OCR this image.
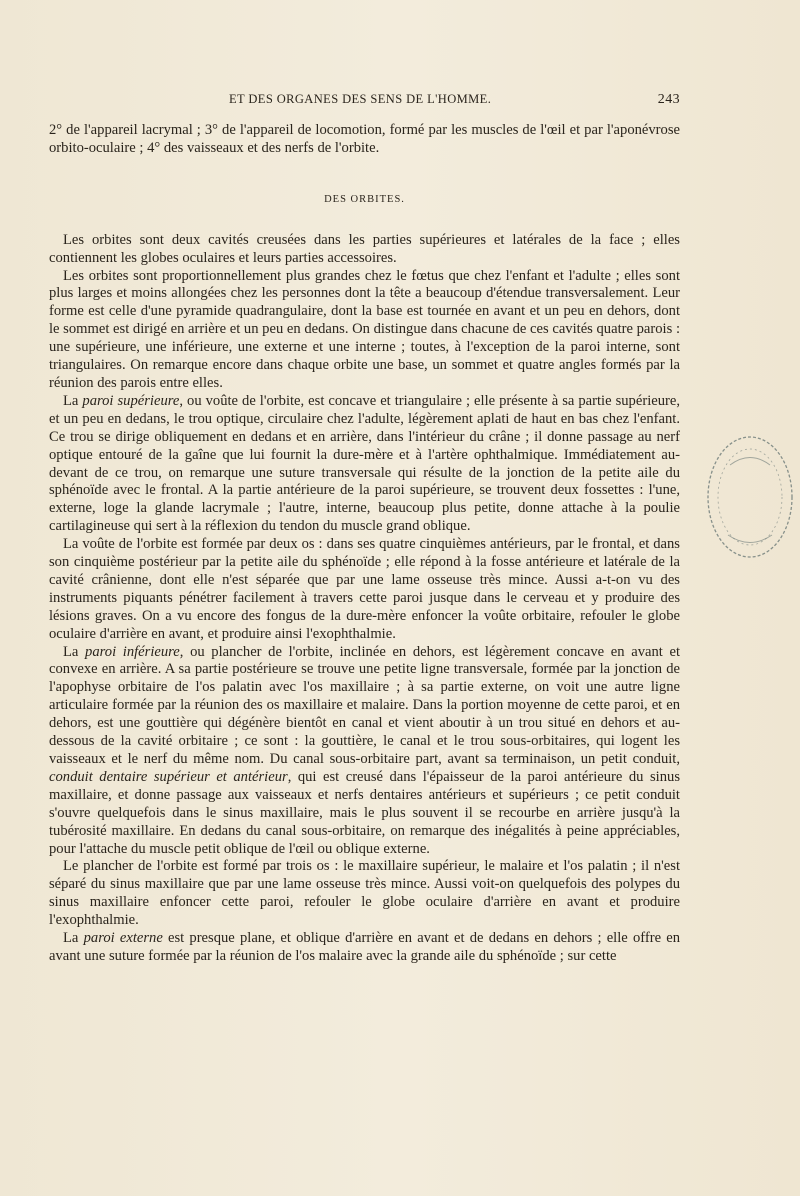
ET DES ORGANES DES SENS DE L'HOMME.	243

2° de l'appareil lacrymal ; 3° de l'appareil de locomotion, formé par les muscles de l'œil et par l'aponévrose orbito-oculaire ; 4° des vaisseaux et des nerfs de l'orbite.

DES ORBITES.

Les orbites sont deux cavités creusées dans les parties supérieures et latérales de la face ; elles contiennent les globes oculaires et leurs parties accessoires.

Les orbites sont proportionnellement plus grandes chez le fœtus que chez l'enfant et l'adulte ; elles sont plus larges et moins allongées chez les personnes dont la tête a beaucoup d'étendue transversalement. Leur forme est celle d'une pyramide quadrangulaire, dont la base est tournée en avant et un peu en dehors, dont le sommet est dirigé en arrière et un peu en dedans. On distingue dans chacune de ces cavités quatre parois : une supérieure, une inférieure, une externe et une interne ; toutes, à l'exception de la paroi interne, sont triangulaires. On remarque encore dans chaque orbite une base, un sommet et quatre angles formés par la réunion des parois entre elles.

La paroi supérieure, ou voûte de l'orbite, est concave et triangulaire ; elle présente à sa partie supérieure, et un peu en dedans, le trou optique, circulaire chez l'adulte, légèrement aplati de haut en bas chez l'enfant. Ce trou se dirige obliquement en dedans et en arrière, dans l'intérieur du crâne ; il donne passage au nerf optique entouré de la gaîne que lui fournit la dure-mère et à l'artère ophthalmique. Immédiatement au-devant de ce trou, on remarque une suture transversale qui résulte de la jonction de la petite aile du sphénoïde avec le frontal. A la partie antérieure de la paroi supérieure, se trouvent deux fossettes : l'une, externe, loge la glande lacrymale ; l'autre, interne, beaucoup plus petite, donne attache à la poulie cartilagineuse qui sert à la réflexion du tendon du muscle grand oblique.

La voûte de l'orbite est formée par deux os : dans ses quatre cinquièmes antérieurs, par le frontal, et dans son cinquième postérieur par la petite aile du sphénoïde ; elle répond à la fosse antérieure et latérale de la cavité crânienne, dont elle n'est séparée que par une lame osseuse très mince. Aussi a-t-on vu des instruments piquants pénétrer facilement à travers cette paroi jusque dans le cerveau et y produire des lésions graves. On a vu encore des fongus de la dure-mère enfoncer la voûte orbitaire, refouler le globe oculaire d'arrière en avant, et produire ainsi l'exophthalmie.

La paroi inférieure, ou plancher de l'orbite, inclinée en dehors, est légèrement concave en avant et convexe en arrière. A sa partie postérieure se trouve une petite ligne transversale, formée par la jonction de l'apophyse orbitaire de l'os palatin avec l'os maxillaire ; à sa partie externe, on voit une autre ligne articulaire formée par la réunion des os maxillaire et malaire. Dans la portion moyenne de cette paroi, et en dehors, est une gouttière qui dégénère bientôt en canal et vient aboutir à un trou situé en dehors et au-dessous de la cavité orbitaire ; ce sont : la gouttière, le canal et le trou sous-orbitaires, qui logent les vaisseaux et le nerf du même nom. Du canal sous-orbitaire part, avant sa terminaison, un petit conduit, conduit dentaire supérieur et antérieur, qui est creusé dans l'épaisseur de la paroi antérieure du sinus maxillaire, et donne passage aux vaisseaux et nerfs dentaires antérieurs et supérieurs ; ce petit conduit s'ouvre quelquefois dans le sinus maxillaire, mais le plus souvent il se recourbe en arrière jusqu'à la tubérosité maxillaire. En dedans du canal sous-orbitaire, on remarque des inégalités à peine appréciables, pour l'attache du muscle petit oblique de l'œil ou oblique externe.

Le plancher de l'orbite est formé par trois os : le maxillaire supérieur, le malaire et l'os palatin ; il n'est séparé du sinus maxillaire que par une lame osseuse très mince. Aussi voit-on quelquefois des polypes du sinus maxillaire enfoncer cette paroi, refouler le globe oculaire d'arrière en avant et produire l'exophthalmie.

La paroi externe est presque plane, et oblique d'arrière en avant et de dedans en dehors ; elle offre en avant une suture formée par la réunion de l'os malaire avec la grande aile du sphénoïde ; sur cette
